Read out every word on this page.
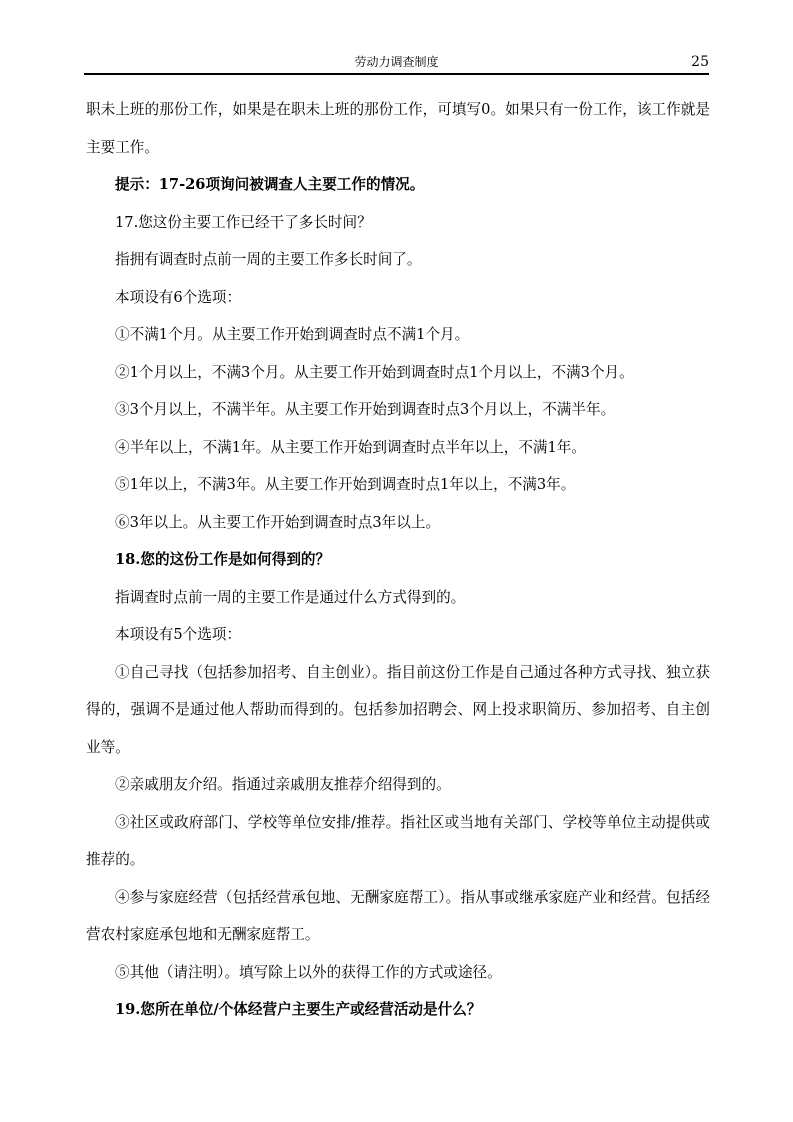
劳动力调查制度	25

职未上班的那份工作，如果是在职未上班的那份工作，可填写0。如果只有一份工作，该工作就是主要工作。

提示：17-26项询问被调查人主要工作的情况。

17.您这份主要工作已经干了多长时间？

指拥有调查时点前一周的主要工作多长时间了。

本项设有6个选项：

①不满1个月。从主要工作开始到调查时点不满1个月。

②1个月以上，不满3个月。从主要工作开始到调查时点1个月以上，不满3个月。

③3个月以上，不满半年。从主要工作开始到调查时点3个月以上，不满半年。

④半年以上，不满1年。从主要工作开始到调查时点半年以上，不满1年。

⑤1年以上，不满3年。从主要工作开始到调查时点1年以上，不满3年。

⑥3年以上。从主要工作开始到调查时点3年以上。

18.您的这份工作是如何得到的？

指调查时点前一周的主要工作是通过什么方式得到的。

本项设有5个选项：

①自己寻找（包括参加招考、自主创业）。指目前这份工作是自己通过各种方式寻找、独立获得的，强调不是通过他人帮助而得到的。包括参加招聘会、网上投求职简历、参加招考、自主创业等。

②亲戚朋友介绍。指通过亲戚朋友推荐介绍得到的。

③社区或政府部门、学校等单位安排/推荐。指社区或当地有关部门、学校等单位主动提供或推荐的。

④参与家庭经营（包括经营承包地、无酬家庭帮工）。指从事或继承家庭产业和经营。包括经营农村家庭承包地和无酬家庭帮工。

⑤其他（请注明）。填写除上以外的获得工作的方式或途径。

19.您所在单位/个体经营户主要生产或经营活动是什么？
